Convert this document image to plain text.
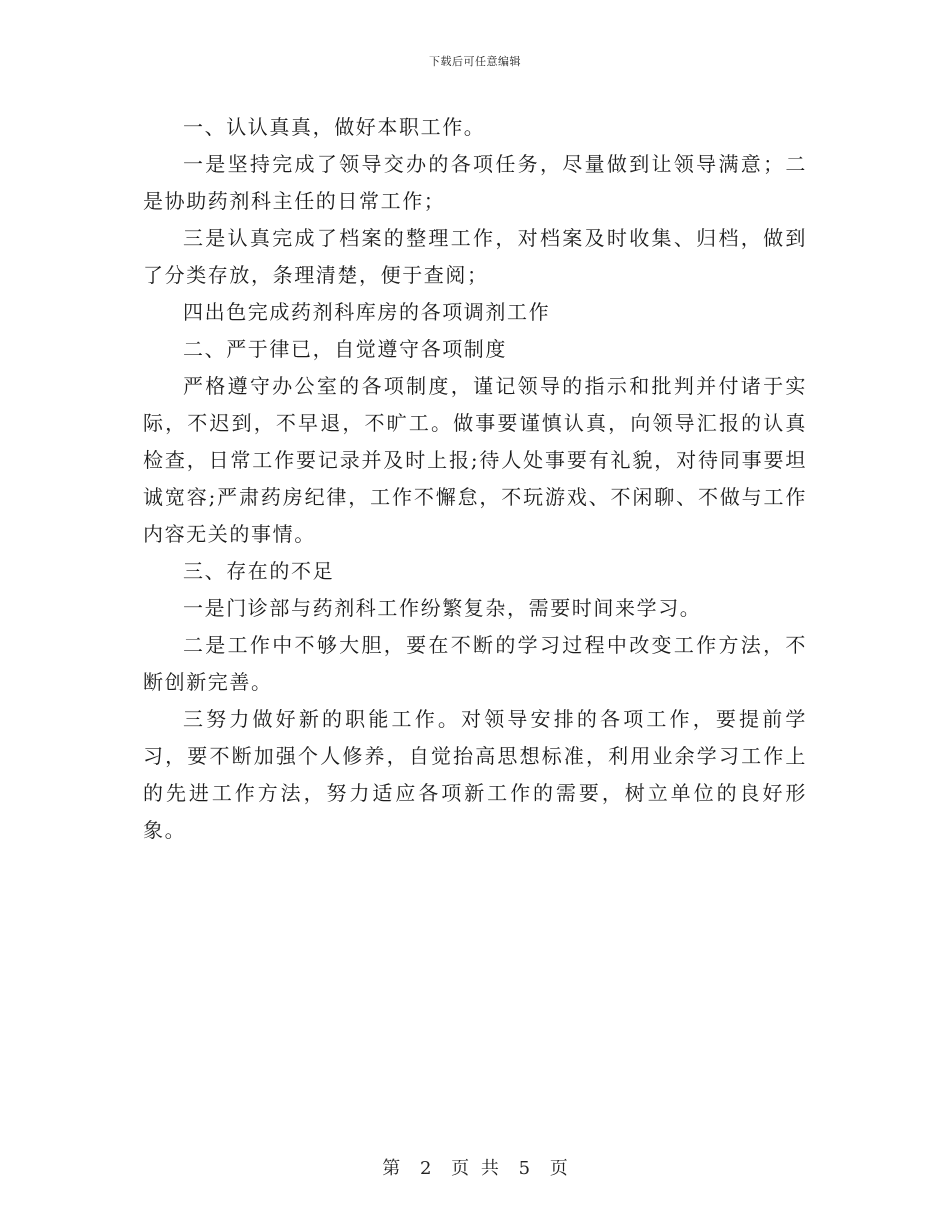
下载后可任意编辑

一、认认真真，做好本职工作。

一是坚持完成了领导交办的各项任务，尽量做到让领导满意；二是协助药剂科主任的日常工作；

三是认真完成了档案的整理工作，对档案及时收集、归档，做到了分类存放，条理清楚，便于查阅；

四出色完成药剂科库房的各项调剂工作

二、严于律已，自觉遵守各项制度

严格遵守办公室的各项制度，谨记领导的指示和批判并付诸于实际，不迟到，不早退，不旷工。做事要谨慎认真，向领导汇报的认真检查，日常工作要记录并及时上报;待人处事要有礼貌，对待同事要坦诚宽容;严肃药房纪律，工作不懈怠，不玩游戏、不闲聊、不做与工作内容无关的事情。

三、存在的不足

一是门诊部与药剂科工作纷繁复杂，需要时间来学习。

二是工作中不够大胆，要在不断的学习过程中改变工作方法，不断创新完善。

三努力做好新的职能工作。对领导安排的各项工作，要提前学习，要不断加强个人修养，自觉抬高思想标准，利用业余学习工作上的先进工作方法，努力适应各项新工作的需要，树立单位的良好形象。

第 2 页 共 5 页
